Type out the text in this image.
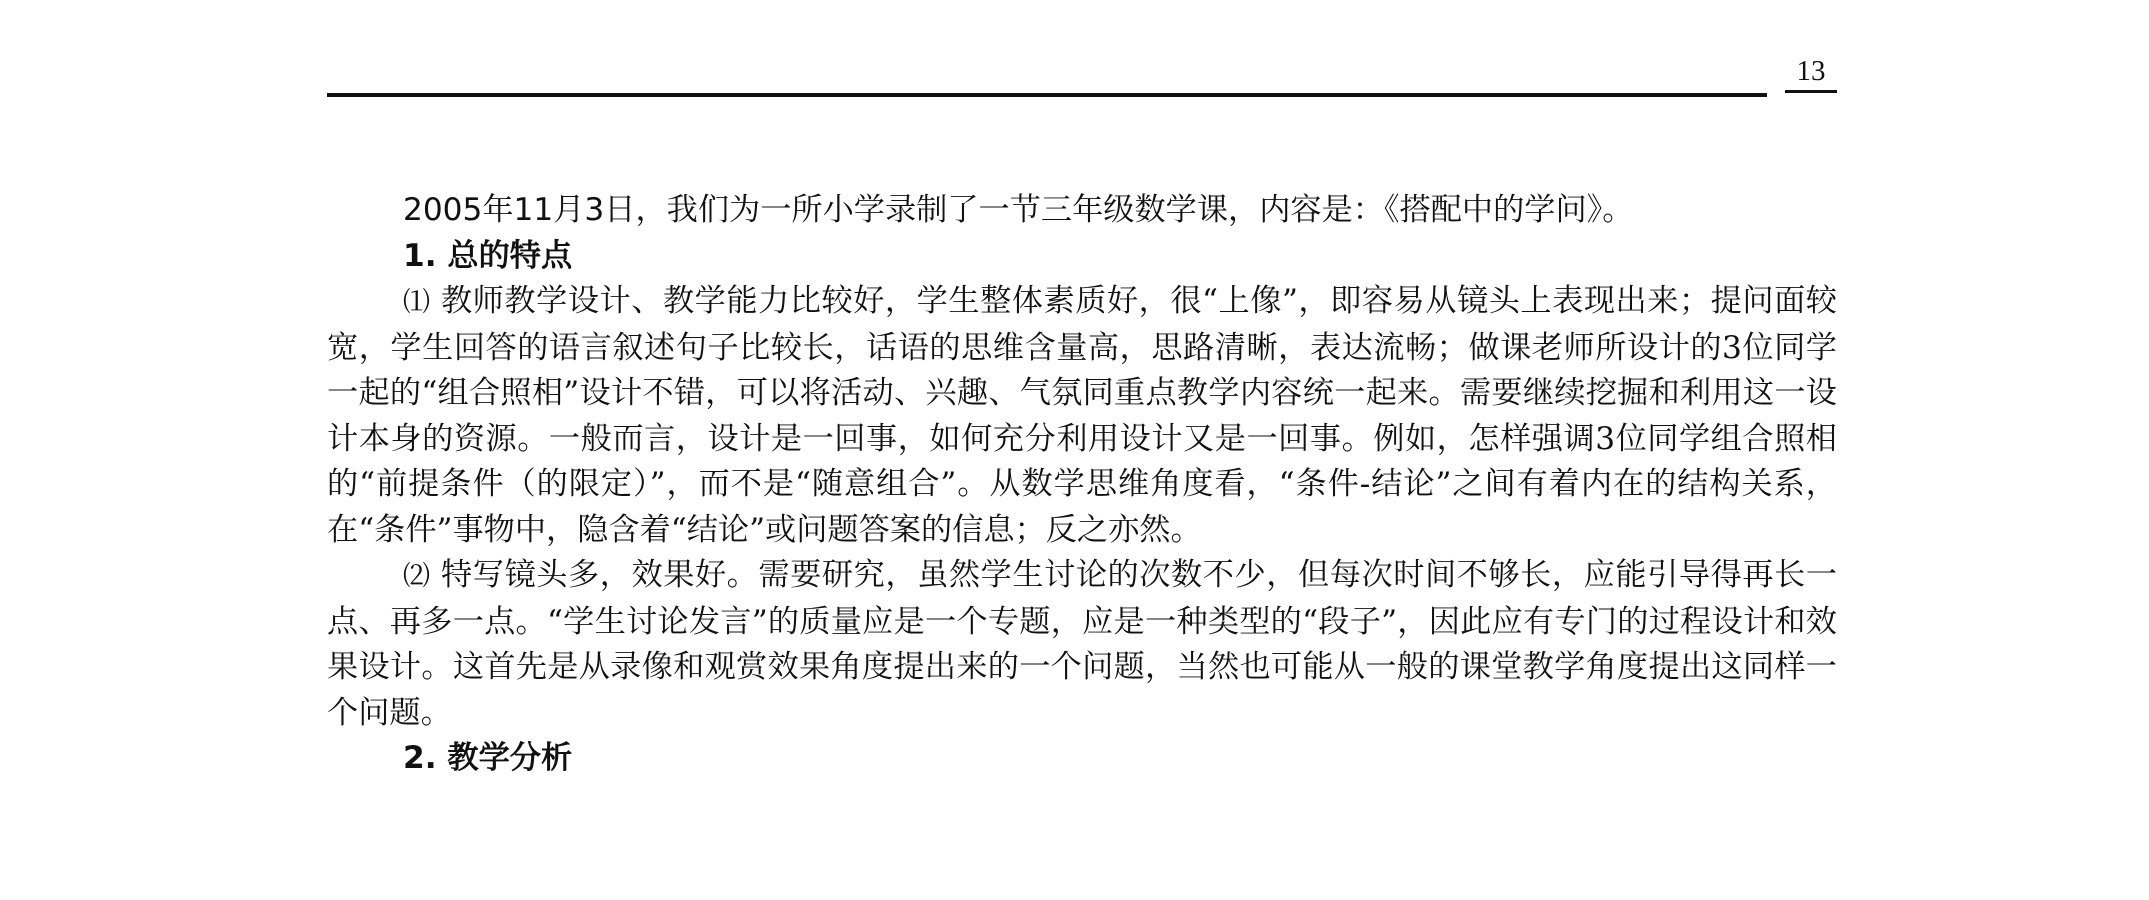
13

2005年11月3日，我们为一所小学录制了一节三年级数学课，内容是：《搭配中的学问》。

1. 总的特点

⑴ 教师教学设计、教学能力比较好，学生整体素质好，很“上像”，即容易从镜头上表现出来；提问面较宽，学生回答的语言叙述句子比较长，话语的思维含量高，思路清晰，表达流畅；做课老师所设计的3位同学一起的“组合照相”设计不错，可以将活动、兴趣、气氛同重点教学内容统一起来。需要继续挖掘和利用这一设计本身的资源。一般而言，设计是一回事，如何充分利用设计又是一回事。例如，怎样强调3位同学组合照相的“前提条件（的限定）”，而不是“随意组合”。从数学思维角度看，“条件-结论”之间有着内在的结构关系，在“条件”事物中，隐含着“结论”或问题答案的信息；反之亦然。

⑵ 特写镜头多，效果好。需要研究，虽然学生讨论的次数不少，但每次时间不够长，应能引导得再长一点、再多一点。“学生讨论发言”的质量应是一个专题，应是一种类型的“段子”，因此应有专门的过程设计和效果设计。这首先是从录像和观赏效果角度提出来的一个问题，当然也可能从一般的课堂教学角度提出这同样一个问题。

2. 教学分析
